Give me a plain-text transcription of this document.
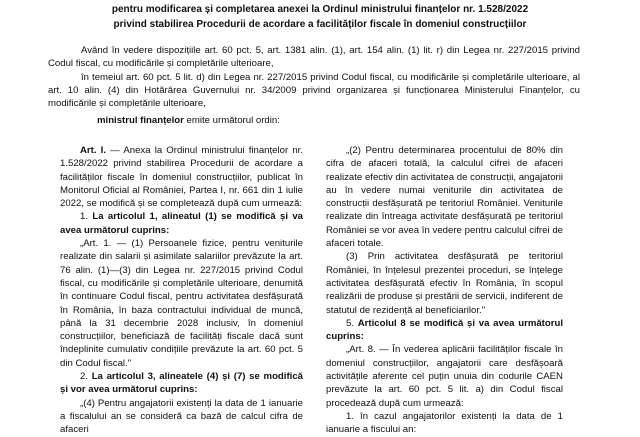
pentru modificarea și completarea anexei la Ordinul ministrului finanțelor nr. 1.528/2022
privind stabilirea Procedurii de acordare a facilităților fiscale în domeniul construcțiilor

Având în vedere dispozițiile art. 60 pct. 5, art. 1381 alin. (1), art. 154 alin. (1) lit. r) din Legea nr. 227/2015 privind Codul fiscal, cu modificările și completările ulterioare,

în temeiul art. 60 pct. 5 lit. d) din Legea nr. 227/2015 privind Codul fiscal, cu modificările și completările ulterioare, al art. 10 alin. (4) din Hotărârea Guvernului nr. 34/2009 privind organizarea și funcționarea Ministerului Finanțelor, cu modificările și completările ulterioare,

ministrul finanțelor emite următorul ordin:

Art. I. — Anexa la Ordinul ministrului finanțelor nr. 1.528/2022 privind stabilirea Procedurii de acordare a facilităților fiscale în domeniul construcțiilor, publicat în Monitorul Oficial al României, Partea I, nr. 661 din 1 iulie 2022, se modifică și se completează după cum urmează:

1. La articolul 1, alineatul (1) se modifică și va avea următorul cuprins:

„Art. 1. — (1) Persoanele fizice, pentru veniturile realizate din salarii și asimilate salariilor prevăzute la art. 76 alin. (1)—(3) din Legea nr. 227/2015 privind Codul fiscal, cu modificările și completările ulterioare, denumită în continuare Codul fiscal, pentru activitatea desfășurată în România, în baza contractului individual de muncă, până la 31 decembrie 2028 inclusiv, în domeniul construcțiilor, beneficiază de facilități fiscale dacă sunt îndeplinite cumulativ condițiile prevăzute la art. 60 pct. 5 din Codul fiscal."

2. La articolul 3, alineatele (4) și (7) se modifică și vor avea următorul cuprins:

„(4) Pentru angajatorii existenți la data de 1 ianuarie a fiscalului an se consideră ca bază de calcul cifra de afaceri

„(2) Pentru determinarea procentului de 80% din cifra de afaceri totală, la calculul cifrei de afaceri realizate efectiv din activitatea de construcții, angajatorii au în vedere numai veniturile din activitatea de construcții desfășurată pe teritoriul României. Veniturile realizate din întreaga activitate desfășurată pe teritoriul României se vor avea în vedere pentru calculul cifrei de afaceri totale.

(3) Prin activitatea desfășurată pe teritoriul României, în înțelesul prezentei proceduri, se înțelege activitatea desfășurată efectiv în România, în scopul realizării de produse și prestării de servicii, indiferent de statutul de rezidență al beneficiarilor."

5. Articolul 8 se modifică și va avea următorul cuprins:

„Art. 8. — În vederea aplicării facilităților fiscale în domeniul construcțiilor, angajatorii care desfășoară activitățile aferente cel puțin unuia din codurile CAEN prevăzute la art. 60 pct. 5 lit. a) din Codul fiscal procedează după cum urmează:

1. în cazul angajatorilor existenți la data de 1 ianuarie a fiscului an:
